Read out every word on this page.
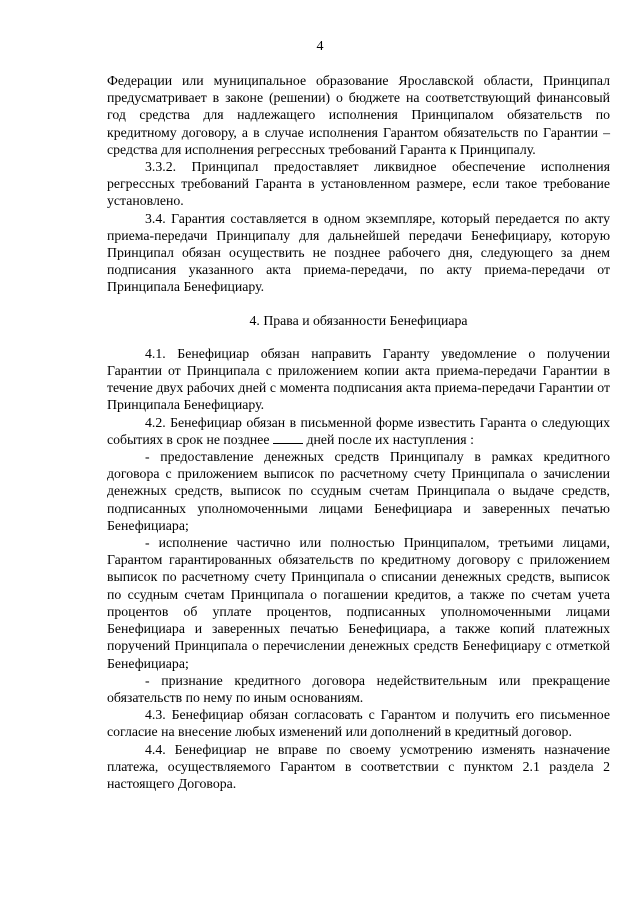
4

Федерации или муниципальное образование Ярославской области, Принципал предусматривает в законе (решении) о бюджете на соответствующий финансовый год средства для надлежащего исполнения Принципалом обязательств по кредитному договору, а в случае исполнения Гарантом обязательств по Гарантии – средства для исполнения регрессных требований Гаранта к Принципалу.

3.3.2. Принципал предоставляет ликвидное обеспечение исполнения регрессных требований Гаранта в установленном размере, если такое требование установлено.

3.4. Гарантия составляется в одном экземпляре, который передается по акту приема-передачи Принципалу для дальнейшей передачи Бенефициару, которую Принципал обязан осуществить не позднее рабочего дня, следующего за днем подписания указанного акта приема-передачи, по акту приема-передачи от Принципала Бенефициару.

4. Права и обязанности Бенефициара

4.1. Бенефициар обязан направить Гаранту уведомление о получении Гарантии от Принципала с приложением копии акта приема-передачи Гарантии в течение двух рабочих дней с момента подписания акта приема-передачи Гарантии от Принципала Бенефициару.

4.2. Бенефициар обязан в письменной форме известить Гаранта о следующих событиях в срок не позднее	дней после их наступления :

- предоставление денежных средств Принципалу в рамках кредитного договора с приложением выписок по расчетному счету Принципала о зачислении денежных средств, выписок по ссудным счетам Принципала о выдаче средств, подписанных уполномоченными лицами Бенефициара и заверенных печатью Бенефициара;

- исполнение частично или полностью Принципалом, третьими лицами, Гарантом гарантированных обязательств по кредитному договору с приложением выписок по расчетному счету Принципала о списании денежных средств, выписок по ссудным счетам Принципала о погашении кредитов, а также по счетам учета процентов об уплате процентов, подписанных уполномоченными лицами Бенефициара и заверенных печатью Бенефициара, а также копий платежных поручений Принципала о перечислении денежных средств Бенефициару с отметкой Бенефициара;

- признание кредитного договора недействительным или прекращение обязательств по нему по иным основаниям.

4.3. Бенефициар обязан согласовать с Гарантом и получить его письменное согласие на внесение любых изменений или дополнений в кредитный договор.

4.4. Бенефициар не вправе по своему усмотрению изменять назначение платежа, осуществляемого Гарантом в соответствии с пунктом 2.1 раздела 2 настоящего Договора.
